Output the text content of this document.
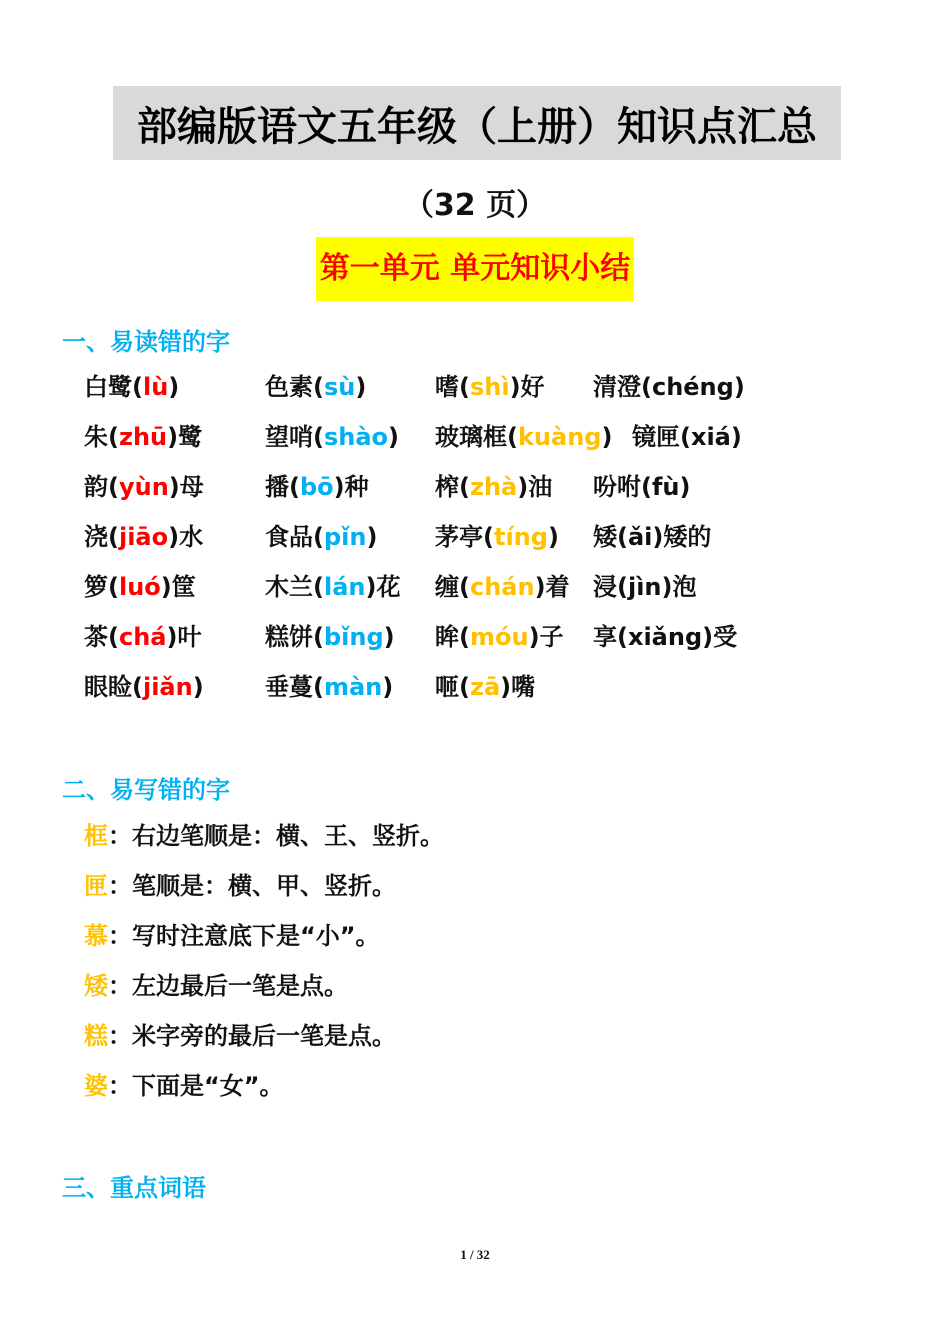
部编版语文五年级（上册）知识点汇总
（32 页）
第一单元 单元知识小结
一、易读错的字
白鹭(lù)	色素(sù)	嗜(shì)好 清澄(chéng)
朱(zhū)鹭	望哨(shào) 玻璃框(kuàng) 镜匣(xiá)
韵(yùn)母	播(bō)种	榨(zhà)油 吩咐(fù)
浇(jiāo)水	食品(pǐn) 茅亭(tíng) 矮(ǎi)矮的
箩(luó)筐	木兰(lán)花 缠(chán)着 浸(jìn)泡
茶(chá)叶	糕饼(bǐng) 眸(móu)子 享(xiǎng)受
眼睑(jiǎn)	垂蔓(màn) 咂(zā)嘴
二、易写错的字
框：右边笔顺是：横、王、竖折。
匣：笔顺是：横、甲、竖折。
慕：写时注意底下是“小”。
矮：左边最后一笔是点。
糕：米字旁的最后一笔是点。
婆：下面是“女”。
三、重点词语
1 / 32
